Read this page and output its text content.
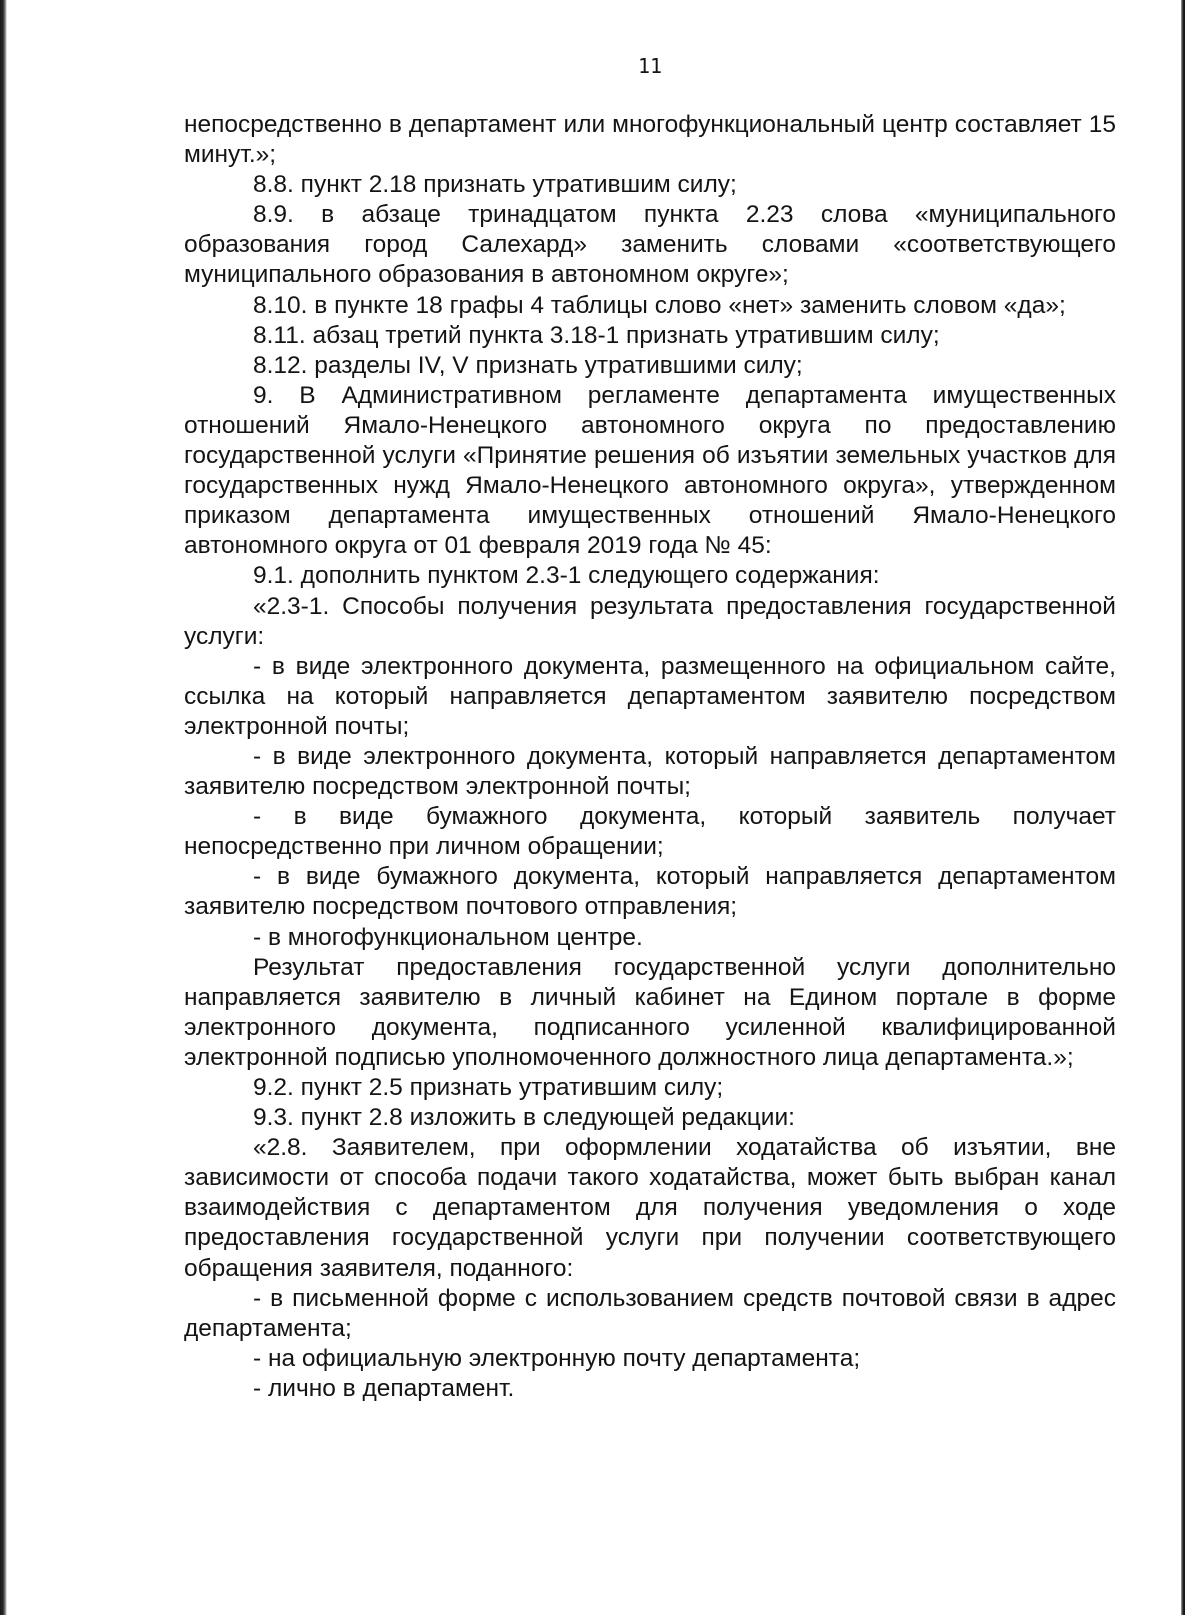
11

непосредственно в департамент или многофункциональный центр составляет 15 минут.»;

8.8. пункт 2.18 признать утратившим силу;

8.9. в абзаце тринадцатом пункта 2.23 слова «муниципального образования город Салехард» заменить словами «соответствующего муниципального образования в автономном округе»;

8.10. в пункте 18 графы 4 таблицы слово «нет» заменить словом «да»;

8.11. абзац третий пункта 3.18-1 признать утратившим силу;

8.12. разделы IV, V признать утратившими силу;

9. В Административном регламенте департамента имущественных отношений Ямало-Ненецкого автономного округа по предоставлению государственной услуги «Принятие решения об изъятии земельных участков для государственных нужд Ямало-Ненецкого автономного округа», утвержденном приказом департамента имущественных отношений Ямало-Ненецкого автономного округа от 01 февраля 2019 года № 45:

9.1. дополнить пунктом 2.3-1 следующего содержания:

«2.3-1. Способы получения результата предоставления государственной услуги:

- в виде электронного документа, размещенного на официальном сайте, ссылка на который направляется департаментом заявителю посредством электронной почты;

- в виде электронного документа, который направляется департаментом заявителю посредством электронной почты;

- в виде бумажного документа, который заявитель получает непосредственно при личном обращении;

- в виде бумажного документа, который направляется департаментом заявителю посредством почтового отправления;

- в многофункциональном центре.

Результат предоставления государственной услуги дополнительно направляется заявителю в личный кабинет на Едином портале в форме электронного документа, подписанного усиленной квалифицированной электронной подписью уполномоченного должностного лица департамента.»;

9.2. пункт 2.5 признать утратившим силу;

9.3. пункт 2.8 изложить в следующей редакции:

«2.8. Заявителем, при оформлении ходатайства об изъятии, вне зависимости от способа подачи такого ходатайства, может быть выбран канал взаимодействия с департаментом для получения уведомления о ходе предоставления государственной услуги при получении соответствующего обращения заявителя, поданного:

- в письменной форме с использованием средств почтовой связи в адрес департамента;

- на официальную электронную почту департамента;

- лично в департамент.
